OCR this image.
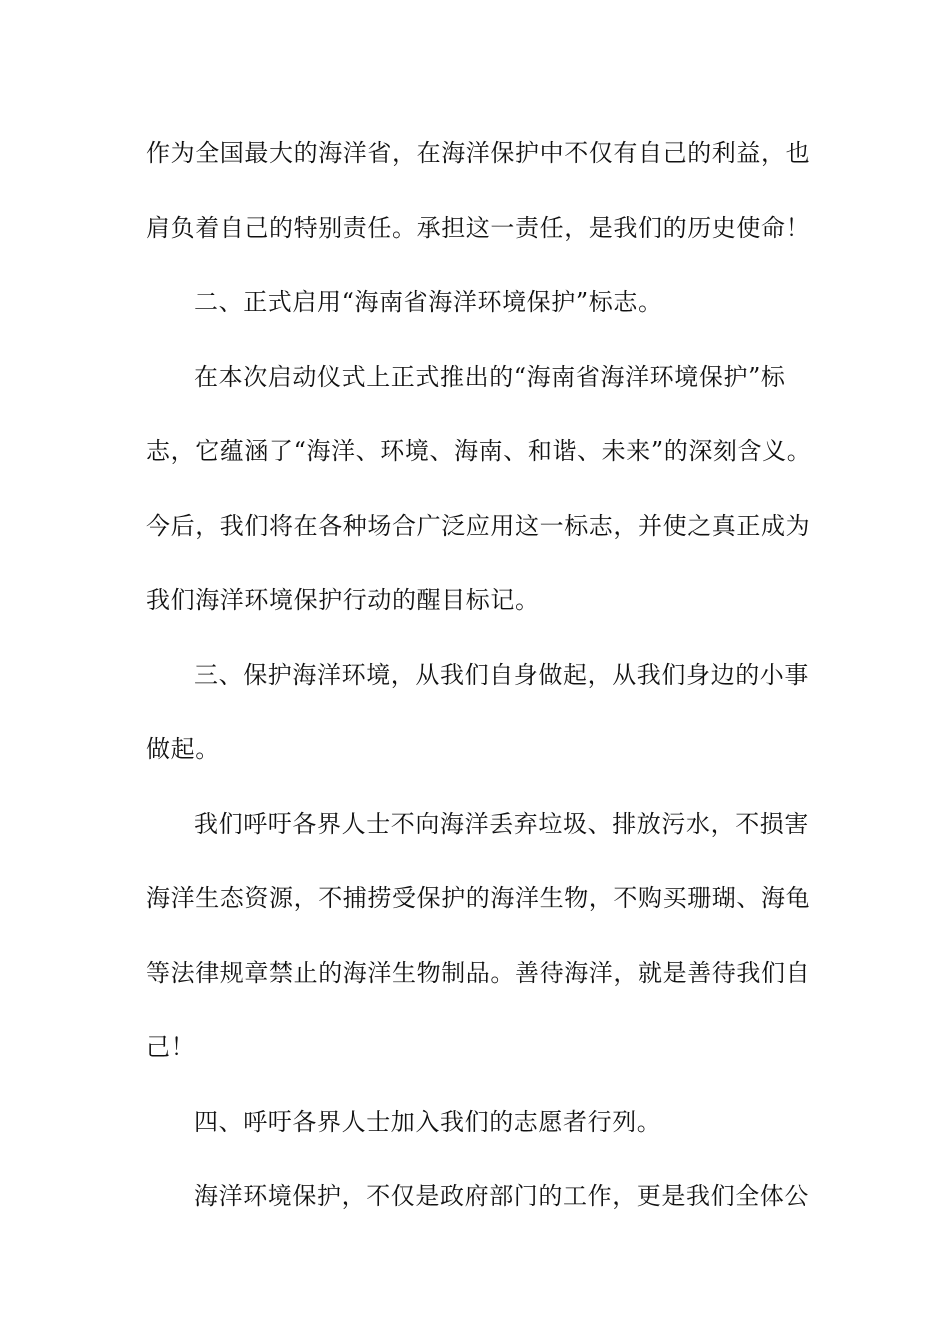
作为全国最大的海洋省，在海洋保护中不仅有自己的利益，也

肩负着自己的特别责任。承担这一责任，是我们的历史使命！

二、正式启用“海南省海洋环境保护”标志。

在本次启动仪式上正式推出的“海南省海洋环境保护”标

志，它蕴涵了“海洋、环境、海南、和谐、未来”的深刻含义。

今后，我们将在各种场合广泛应用这一标志，并使之真正成为

我们海洋环境保护行动的醒目标记。

三、保护海洋环境，从我们自身做起，从我们身边的小事

做起。

我们呼吁各界人士不向海洋丢弃垃圾、排放污水，不损害

海洋生态资源，不捕捞受保护的海洋生物，不购买珊瑚、海龟

等法律规章禁止的海洋生物制品。善待海洋，就是善待我们自

己！

四、呼吁各界人士加入我们的志愿者行列。

海洋环境保护，不仅是政府部门的工作，更是我们全体公
